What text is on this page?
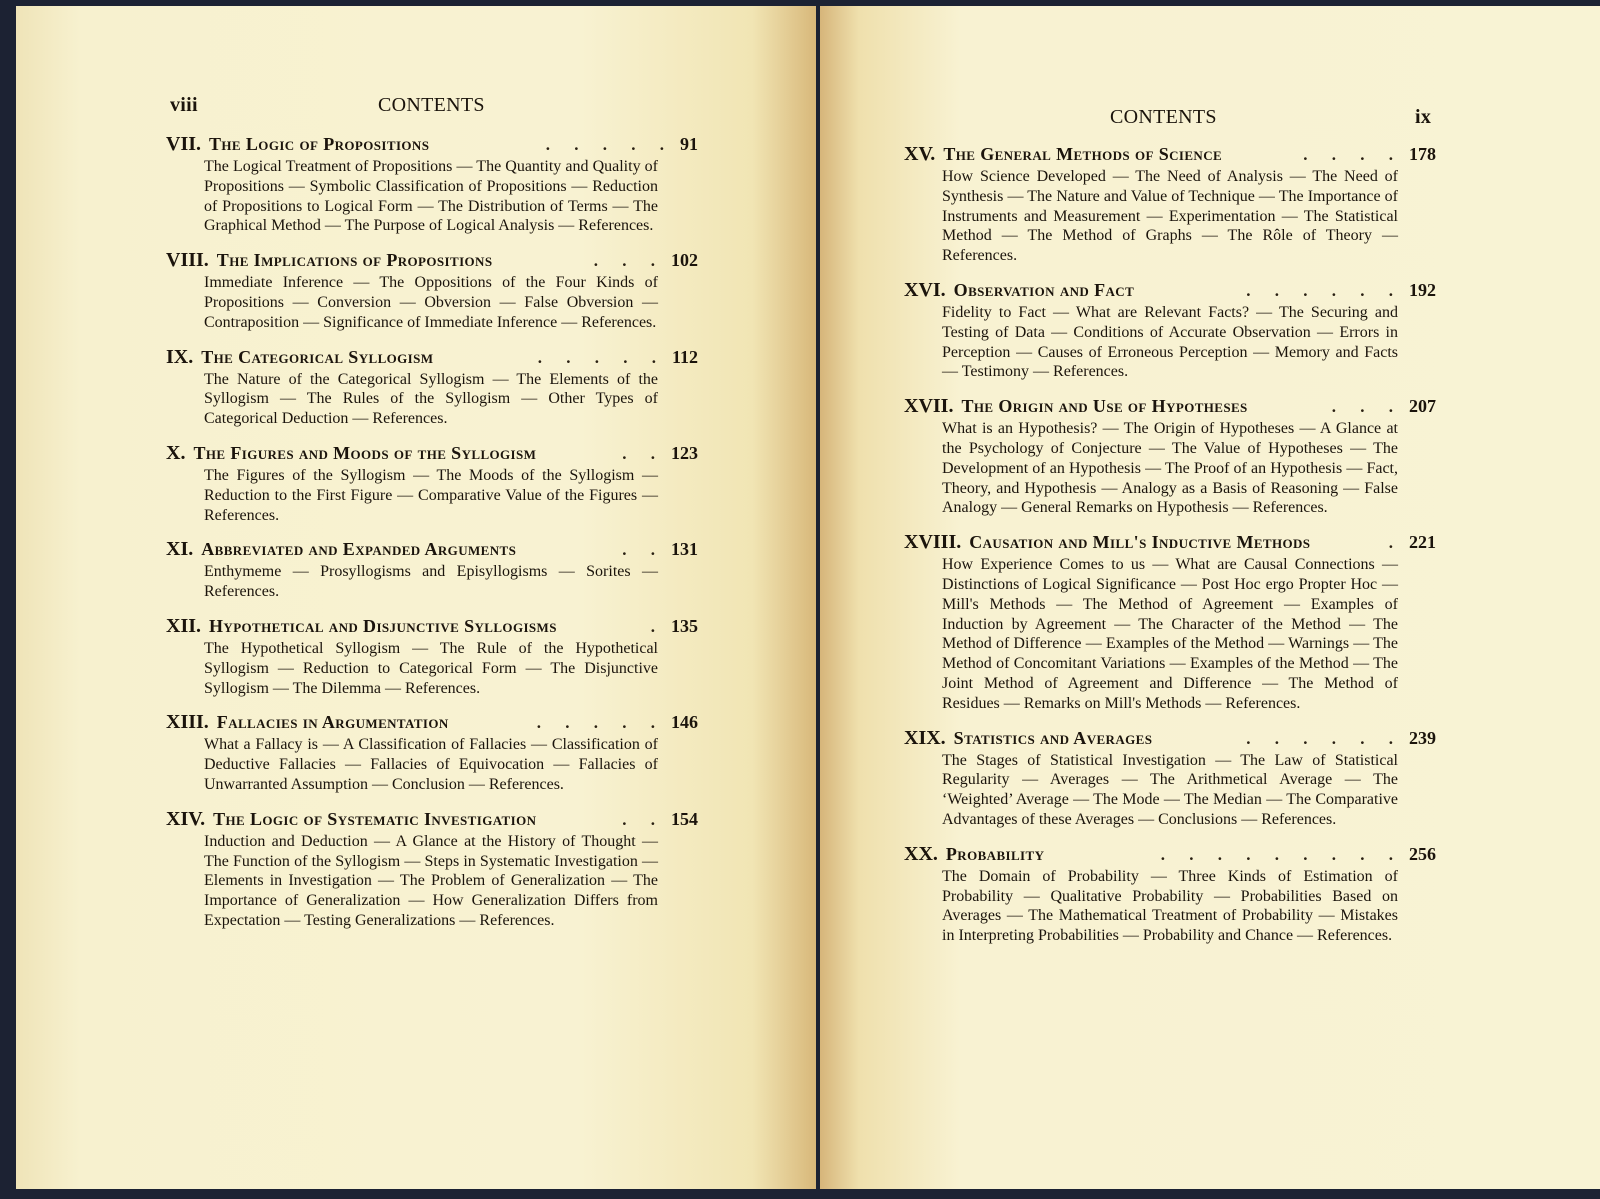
viii	CONTENTS
VII. The Logic of Propositions	. . . . . 91
The Logical Treatment of Propositions — The Quantity and Quality of Propositions — Symbolic Classification of Propositions — Reduction of Propositions to Logical Form — The Distribution of Terms — The Graphical Method — The Purpose of Logical Analysis — References.
VIII. The Implications of Propositions	. . . 102
Immediate Inference — The Oppositions of the Four Kinds of Propositions — Conversion — Obversion — False Obversion — Contraposition — Significance of Immediate Inference — References.
IX. The Categorical Syllogism	. . . . . 112
The Nature of the Categorical Syllogism — The Elements of the Syllogism — The Rules of the Syllogism — Other Types of Categorical Deduction — References.
X. The Figures and Moods of the Syllogism	. . 123
The Figures of the Syllogism — The Moods of the Syllogism — Reduction to the First Figure — Comparative Value of the Figures — References.
XI. Abbreviated and Expanded Arguments	. . 131
Enthymeme — Prosyllogisms and Episyllogisms — Sorites — References.
XII. Hypothetical and Disjunctive Syllogisms	. 135
The Hypothetical Syllogism — The Rule of the Hypothetical Syllogism — Reduction to Categorical Form — The Disjunctive Syllogism — The Dilemma — References.
XIII. Fallacies in Argumentation	. . . . . 146
What a Fallacy is — A Classification of Fallacies — Classification of Deductive Fallacies — Fallacies of Equivocation — Fallacies of Unwarranted Assumption — Conclusion — References.
XIV. The Logic of Systematic Investigation	. . 154
Induction and Deduction — A Glance at the History of Thought — The Function of the Syllogism — Steps in Systematic Investigation — Elements in Investigation — The Problem of Generalization — The Importance of Generalization — How Generalization Differs from Expectation — Testing Generalizations — References.
CONTENTS	ix
XV. The General Methods of Science	. . . . 178
How Science Developed — The Need of Analysis — The Need of Synthesis — The Nature and Value of Technique — The Importance of Instruments and Measurement — Experimentation — The Statistical Method — The Method of Graphs — The Rôle of Theory — References.
XVI. Observation and Fact	. . . . . . 192
Fidelity to Fact — What are Relevant Facts? — The Securing and Testing of Data — Conditions of Accurate Observation — Errors in Perception — Causes of Erroneous Perception — Memory and Facts — Testimony — References.
XVII. The Origin and Use of Hypotheses	. . . 207
What is an Hypothesis? — The Origin of Hypotheses — A Glance at the Psychology of Conjecture — The Value of Hypotheses — The Development of an Hypothesis — The Proof of an Hypothesis — Fact, Theory, and Hypothesis — Analogy as a Basis of Reasoning — False Analogy — General Remarks on Hypothesis — References.
XVIII. Causation and Mill's Inductive Methods	. 221
How Experience Comes to us — What are Causal Connections — Distinctions of Logical Significance — Post Hoc ergo Propter Hoc — Mill's Methods — The Method of Agreement — Examples of Induction by Agreement — The Character of the Method — The Method of Difference — Examples of the Method — Warnings — The Method of Concomitant Variations — Examples of the Method — The Joint Method of Agreement and Difference — The Method of Residues — Remarks on Mill's Methods — References.
XIX. Statistics and Averages	. . . . . . 239
The Stages of Statistical Investigation — The Law of Statistical Regularity — Averages — The Arithmetical Average — The ‘Weighted’ Average — The Mode — The Median — The Comparative Advantages of these Averages — Conclusions — References.
XX. Probability	. . . . . . . . . 256
The Domain of Probability — Three Kinds of Estimation of Probability — Qualitative Probability — Probabilities Based on Averages — The Mathematical Treatment of Probability — Mistakes in Interpreting Probabilities — Probability and Chance — References.
